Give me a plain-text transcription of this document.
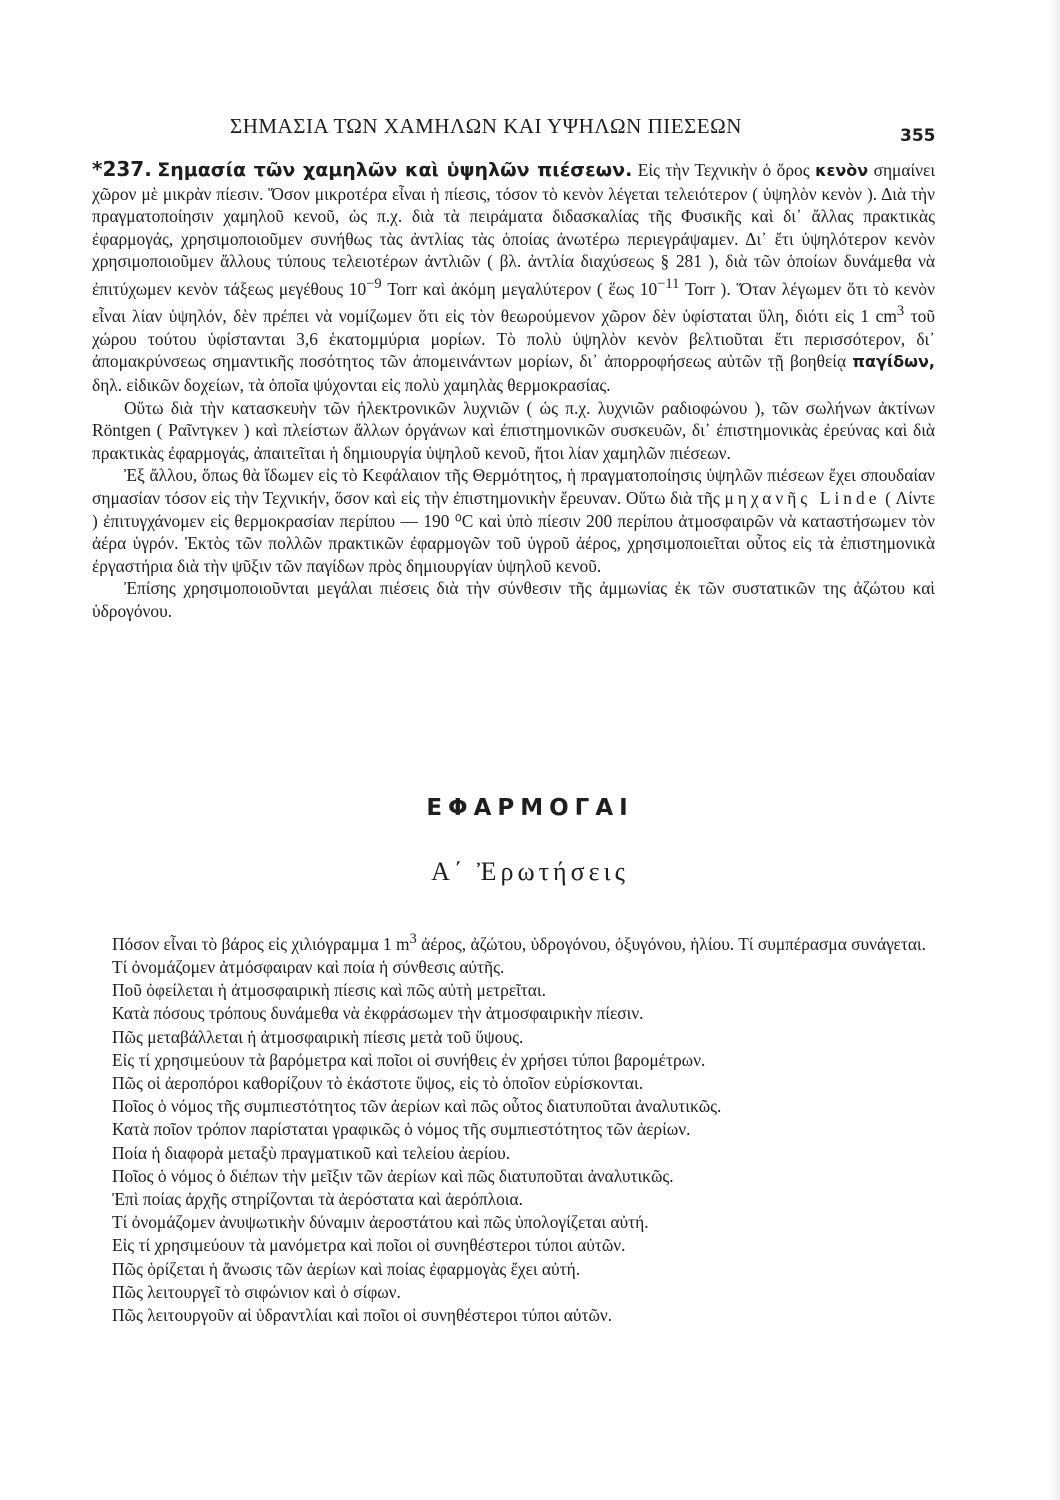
ΣΗΜΑΣΙΑ ΤΩΝ ΧΑΜΗΛΩΝ ΚΑΙ ΥΨΗΛΩΝ ΠΙΕΣΕΩΝ	355

*237. Σημασία τῶν χαμηλῶν καὶ ὑψηλῶν πιέσεων. Εἰς τὴν Τεχνικὴν ὁ ὅρος κενὸν σημαίνει χῶρον μὲ μικρὰν πίεσιν. Ὅσον μικροτέρα εἶναι ἡ πίεσις, τόσον τὸ κενὸν λέγεται τελειότερον ( ὑψηλὸν κενὸν ). Διὰ τὴν πραγματοποίησιν χαμηλοῦ κενοῦ, ὡς π.χ. διὰ τὰ πειράματα διδασκαλίας τῆς Φυσικῆς καὶ δι᾽ ἄλλας πρακτικὰς ἐφαρμογάς, χρησιμοποιοῦμεν συνήθως τὰς ἀντλίας τὰς ὁποίας ἀνωτέρω περιεγράψαμεν. Δι᾽ ἔτι ὑψηλότερον κενὸν χρησιμοποιοῦμεν ἄλλους τύπους τελειοτέρων ἀντλιῶν ( βλ. ἀντλία διαχύσεως § 281 ), διὰ τῶν ὁποίων δυνάμεθα νὰ ἐπιτύχωμεν κενὸν τάξεως μεγέθους $10^{-9}$ Torr καὶ ἀκόμη μεγαλύτερον ( ἕως $10^{-11}$ Torr ). Ὅταν λέγωμεν ὅτι τὸ κενὸν εἶναι λίαν ὑψηλόν, δὲν πρέπει νὰ νομίζωμεν ὅτι εἰς τὸν θεωρούμενον χῶρον δὲν ὑφίσταται ὕλη, διότι εἰς 1 $cm^3$ τοῦ χώρου τούτου ὑφίστανται 3,6 ἑκατομμύρια μορίων. Τὸ πολὺ ὑψηλὸν κενὸν βελτιοῦται ἔτι περισσότερον, δι᾽ ἀπομακρύνσεως σημαντικῆς ποσότητος τῶν ἀπομεινάντων μορίων, δι᾽ ἀπορροφήσεως αὐτῶν τῇ βοηθείᾳ παγίδων, δηλ. εἰδικῶν δοχείων, τὰ ὁποῖα ψύχονται εἰς πολὺ χαμηλὰς θερμοκρασίας.

Οὕτω διὰ τὴν κατασκευὴν τῶν ἠλεκτρονικῶν λυχνιῶν ( ὡς π.χ. λυχνιῶν ραδιοφώνου ), τῶν σωλήνων ἀκτίνων Röntgen ( Ραῖντγκεν ) καὶ πλείστων ἄλλων ὀργάνων καὶ ἐπιστημονικῶν συσκευῶν, δι᾽ ἐπιστημονικὰς ἐρεύνας καὶ διὰ πρακτικὰς ἐφαρμογάς, ἀπαιτεῖται ἡ δημιουργία ὑψηλοῦ κενοῦ, ἤτοι λίαν χαμηλῶν πιέσεων.

Ἐξ ἄλλου, ὅπως θὰ ἴδωμεν εἰς τὸ Κεφάλαιον τῆς Θερμότητος, ἡ πραγματοποίησις ὑψηλῶν πιέσεων ἔχει σπουδαίαν σημασίαν τόσον εἰς τὴν Τεχνικήν, ὅσον καὶ εἰς τὴν ἐπιστημονικὴν ἔρευναν. Οὕτω διὰ τῆς μηχανῆς Linde ( Λίντε ) ἐπιτυγχάνομεν εἰς θερμοκρασίαν περίπου — 190 ⁰C καὶ ὑπὸ πίεσιν 200 περίπου ἀτμοσφαιρῶν νὰ καταστήσωμεν τὸν ἀέρα ὑγρόν. Ἐκτὸς τῶν πολλῶν πρακτικῶν ἐφαρμογῶν τοῦ ὑγροῦ ἀέρος, χρησιμοποιεῖται οὗτος εἰς τὰ ἐπιστημονικὰ ἐργαστήρια διὰ τὴν ψῦξιν τῶν παγίδων πρὸς δημιουργίαν ὑψηλοῦ κενοῦ.

Ἐπίσης χρησιμοποιοῦνται μεγάλαι πιέσεις διὰ τὴν σύνθεσιν τῆς ἀμμωνίας ἐκ τῶν συστατικῶν της ἀζώτου καὶ ὑδρογόνου.

ΕΦΑΡΜΟΓΑΙ
Α΄ Ἐρωτήσεις
Πόσον εἶναι τὸ βάρος εἰς χιλιόγραμμα 1 $m^3$ ἀέρος, ἀζώτου, ὑδρογόνου, ὀξυγόνου, ἡλίου. Τί συμπέρασμα συνάγεται.
Τί ὀνομάζομεν ἀτμόσφαιραν καὶ ποία ἡ σύνθεσις αὐτῆς.
Ποῦ ὀφείλεται ἡ ἀτμοσφαιρικὴ πίεσις καὶ πῶς αὐτὴ μετρεῖται.
Κατὰ πόσους τρόπους δυνάμεθα νὰ ἐκφράσωμεν τὴν ἀτμοσφαιρικὴν πίεσιν.
Πῶς μεταβάλλεται ἡ ἀτμοσφαιρικὴ πίεσις μετὰ τοῦ ὕψους.
Εἰς τί χρησιμεύουν τὰ βαρόμετρα καὶ ποῖοι οἱ συνήθεις ἐν χρήσει τύποι βαρομέτρων.
Πῶς οἱ ἀεροπόροι καθορίζουν τὸ ἑκάστοτε ὕψος, εἰς τὸ ὁποῖον εὑρίσκονται.
Ποῖος ὁ νόμος τῆς συμπιεστότητος τῶν ἀερίων καὶ πῶς οὗτος διατυποῦται ἀναλυτικῶς.
Κατὰ ποῖον τρόπον παρίσταται γραφικῶς ὁ νόμος τῆς συμπιεστότητος τῶν ἀερίων.
Ποία ἡ διαφορὰ μεταξὺ πραγματικοῦ καὶ τελείου ἀερίου.
Ποῖος ὁ νόμος ὁ διέπων τὴν μεῖξιν τῶν ἀερίων καὶ πῶς διατυποῦται ἀναλυτικῶς.
Ἐπὶ ποίας ἀρχῆς στηρίζονται τὰ ἀερόστατα καὶ ἀερόπλοια.
Τί ὀνομάζομεν ἀνυψωτικὴν δύναμιν ἀεροστάτου καὶ πῶς ὑπολογίζεται αὐτή.
Εἰς τί χρησιμεύουν τὰ μανόμετρα καὶ ποῖοι οἱ συνηθέστεροι τύποι αὐτῶν.
Πῶς ὁρίζεται ἡ ἄνωσις τῶν ἀερίων καὶ ποίας ἐφαρμογὰς ἔχει αὐτή.
Πῶς λειτουργεῖ τὸ σιφώνιον καὶ ὁ σίφων.
Πῶς λειτουργοῦν αἱ ὑδραντλίαι καὶ ποῖοι οἱ συνηθέστεροι τύποι αὐτῶν.
